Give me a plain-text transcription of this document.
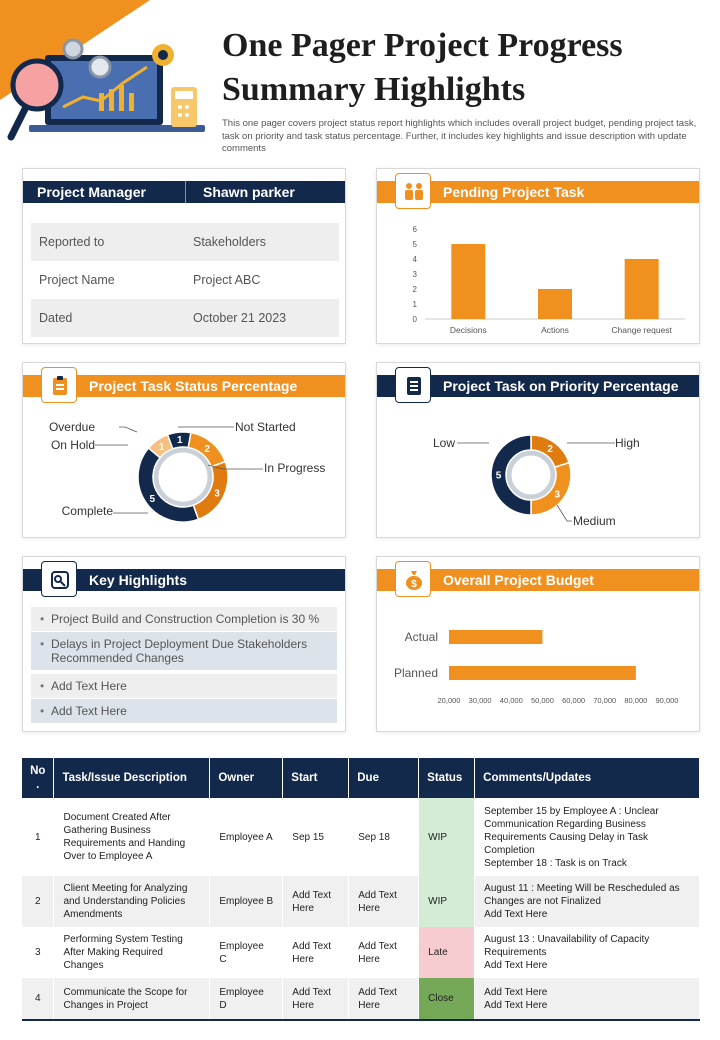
One Pager Project Progress
Summary Highlights
This one pager covers project status report highlights which includes overall project budget, pending project task, task on priority and task status percentage. Further, it includes key highlights and issue description with update comments
Project Manager	Shawn parker
Reported to	Stakeholders
Project Name	Project ABC
Dated	October 21 2023
Pending Project Task
0
1
2
3
4
5
6
Decisions	Actions	Change request
Project Task Status Percentage
2
3
5
1
1
Not Started
In Progress
Complete
On Hold
Overdue
Project Task on Priority Percentage
2
3
5
High
Medium
Low
Key Highlights
• Project Build and Construction Completion is 30 %
• Delays in Project Deployment Due Stakeholders Recommended Changes
• Add Text Here
• Add Text Here
Overall Project Budget
$
Actual
Planned
20,000 30,000 40,000 50,000 60,000 70,000 80,000 90,000
No
.	Task/Issue Description	Owner	Start	Due	Status	Comments/Updates
1	Document Created After Gathering Business Requirements and Handing Over to Employee A	Employee A	Sep 15	Sep 18	WIP	September 15 by Employee A : Unclear Communication Regarding Business Requirements Causing Delay in Task Completion
September 18 : Task is on Track

2	Client Meeting for Analyzing and Understanding Policies Amendments	Employee B	Add Text Here	Add Text Here	WIP	August 11 : Meeting Will be Rescheduled as Changes are not Finalized
Add Text Here

3	Performing System Testing After Making Required Changes	Employee C	Add Text Here	Add Text Here	Late	August 13 : Unavailability of Capacity Requirements
Add Text Here

4	Communicate the Scope for Changes in Project	Employee D	Add Text Here	Add Text Here	Close	Add Text Here
Add Text Here
